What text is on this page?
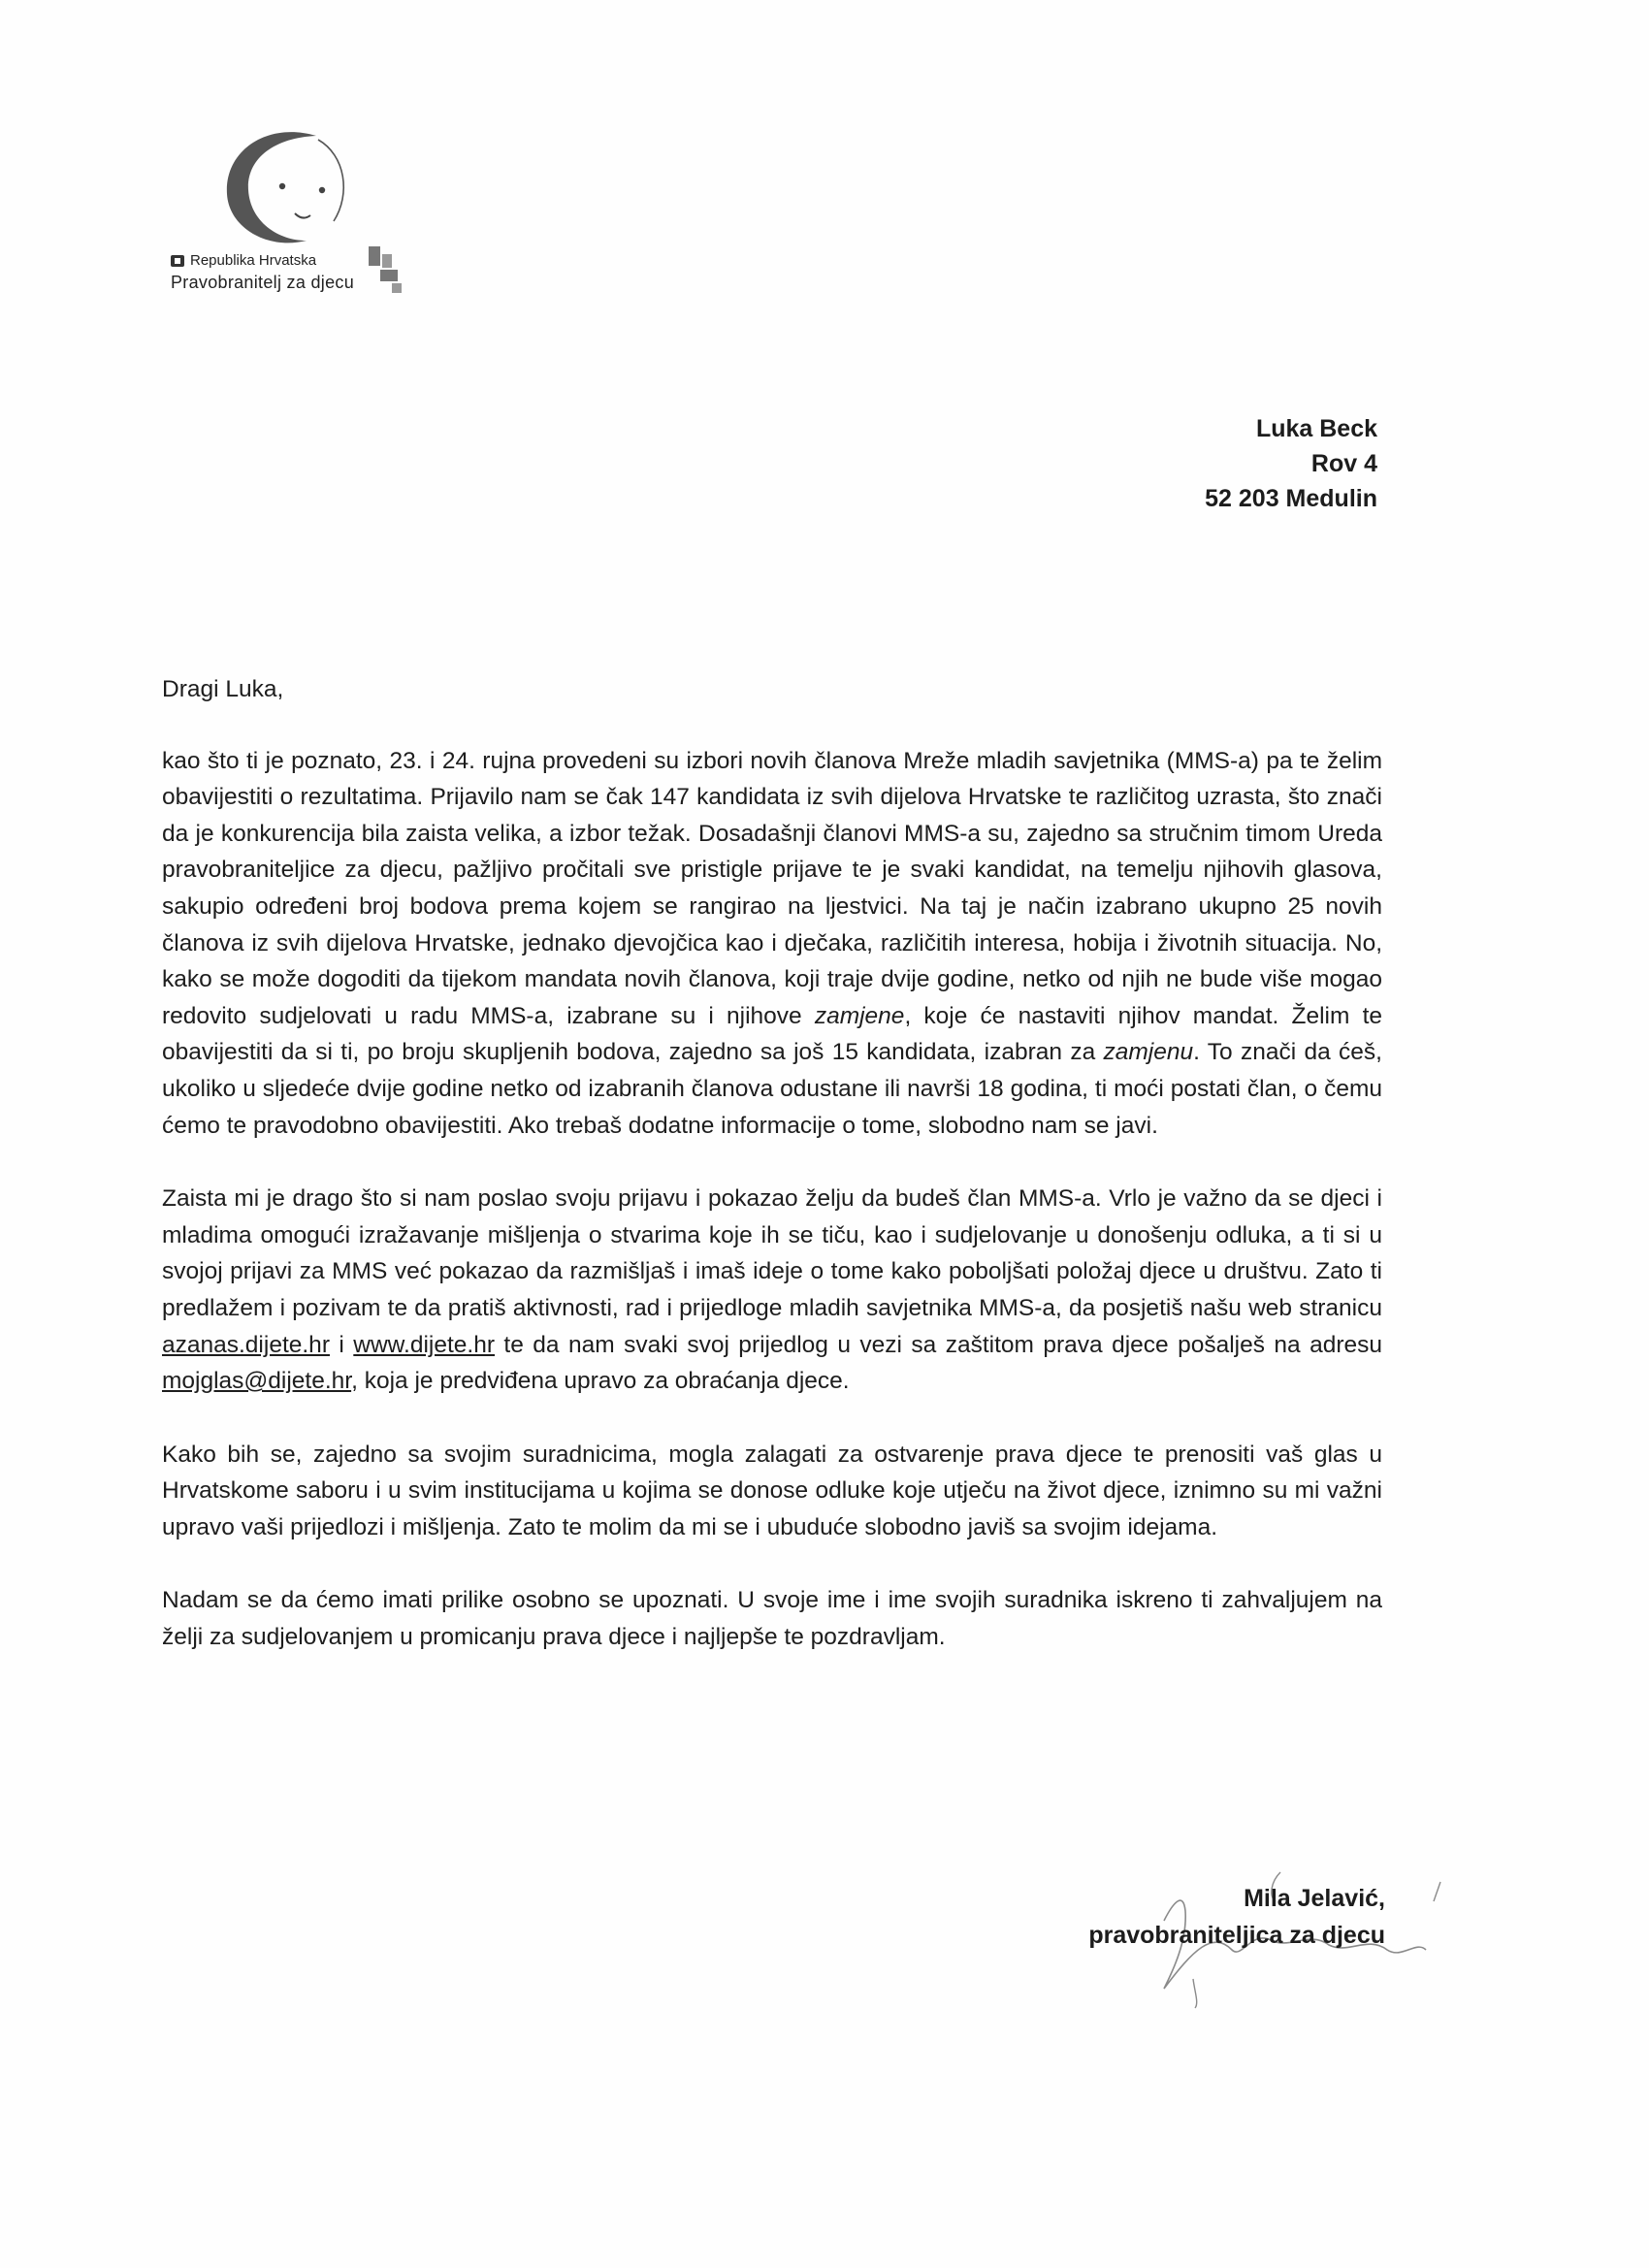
Republika Hrvatska
Pravobranitelj za djecu
Luka Beck
Rov 4
52 203 Medulin

Dragi Luka,

kao što ti je poznato, 23. i 24. rujna provedeni su izbori novih članova Mreže mladih savjetnika (MMS-a) pa te želim obavijestiti o rezultatima. Prijavilo nam se čak 147 kandidata iz svih dijelova Hrvatske te različitog uzrasta, što znači da je konkurencija bila zaista velika, a izbor težak. Dosadašnji članovi MMS-a su, zajedno sa stručnim timom Ureda pravobraniteljice za djecu, pažljivo pročitali sve pristigle prijave te je svaki kandidat, na temelju njihovih glasova, sakupio određeni broj bodova prema kojem se rangirao na ljestvici. Na taj je način izabrano ukupno 25 novih članova iz svih dijelova Hrvatske, jednako djevojčica kao i dječaka, različitih interesa, hobija i životnih situacija. No, kako se može dogoditi da tijekom mandata novih članova, koji traje dvije godine, netko od njih ne bude više mogao redovito sudjelovati u radu MMS-a, izabrane su i njihove zamjene, koje će nastaviti njihov mandat. Želim te obavijestiti da si ti, po broju skupljenih bodova, zajedno sa još 15 kandidata, izabran za zamjenu. To znači da ćeš, ukoliko u sljedeće dvije godine netko od izabranih članova odustane ili navrši 18 godina, ti moći postati član, o čemu ćemo te pravodobno obavijestiti. Ako trebaš dodatne informacije o tome, slobodno nam se javi.

Zaista mi je drago što si nam poslao svoju prijavu i pokazao želju da budeš član MMS-a. Vrlo je važno da se djeci i mladima omogući izražavanje mišljenja o stvarima koje ih se tiču, kao i sudjelovanje u donošenju odluka, a ti si u svojoj prijavi za MMS već pokazao da razmišljaš i imaš ideje o tome kako poboljšati položaj djece u društvu. Zato ti predlažem i pozivam te da pratiš aktivnosti, rad i prijedloge mladih savjetnika MMS-a, da posjetiš našu web stranicu azanas.dijete.hr i www.dijete.hr te da nam svaki svoj prijedlog u vezi sa zaštitom prava djece pošalješ na adresu mojglas@dijete.hr, koja je predviđena upravo za obraćanja djece.

Kako bih se, zajedno sa svojim suradnicima, mogla zalagati za ostvarenje prava djece te prenositi vaš glas u Hrvatskome saboru i u svim institucijama u kojima se donose odluke koje utječu na život djece, iznimno su mi važni upravo vaši prijedlozi i mišljenja. Zato te molim da mi se i ubuduće slobodno javiš sa svojim idejama.

Nadam se da ćemo imati prilike osobno se upoznati. U svoje ime i ime svojih suradnika iskreno ti zahvaljujem na želji za sudjelovanjem u promicanju prava djece i najljepše te pozdravljam.

Mila Jelavić,
pravobraniteljica za djecu
